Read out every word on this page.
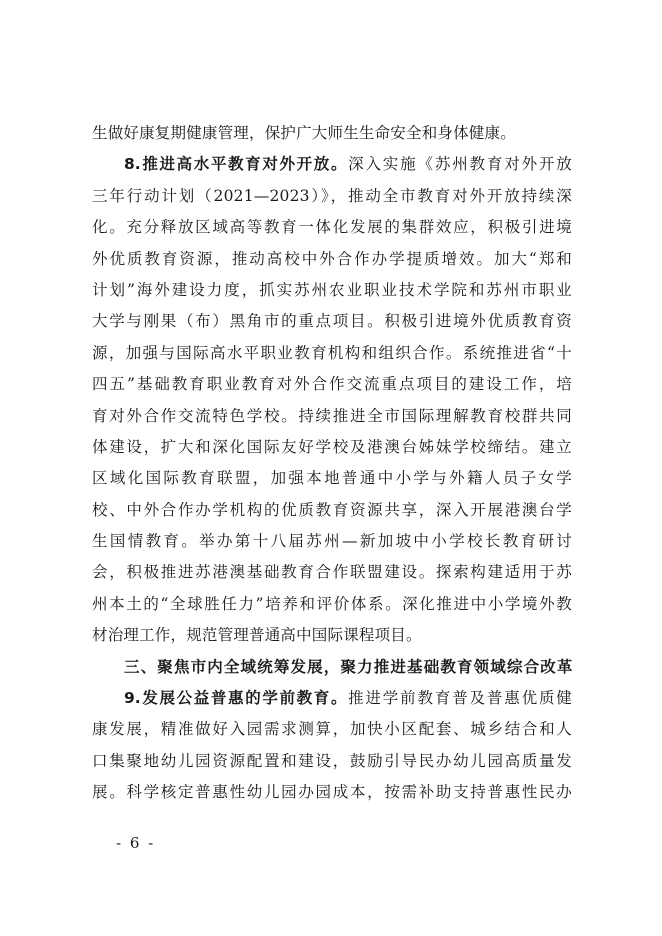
生做好康复期健康管理，保护广大师生生命安全和身体健康。
8.推进高水平教育对外开放。深入实施《苏州教育对外开放
三年行动计划（2021—2023）》，推动全市教育对外开放持续深
化。充分释放区域高等教育一体化发展的集群效应，积极引进境
外优质教育资源，推动高校中外合作办学提质增效。加大“郑和
计划”海外建设力度，抓实苏州农业职业技术学院和苏州市职业
大学与刚果（布）黑角市的重点项目。积极引进境外优质教育资
源，加强与国际高水平职业教育机构和组织合作。系统推进省“十
四五”基础教育职业教育对外合作交流重点项目的建设工作，培
育对外合作交流特色学校。持续推进全市国际理解教育校群共同
体建设，扩大和深化国际友好学校及港澳台姊妹学校缔结。建立
区域化国际教育联盟，加强本地普通中小学与外籍人员子女学
校、中外合作办学机构的优质教育资源共享，深入开展港澳台学
生国情教育。举办第十八届苏州—新加坡中小学校长教育研讨
会，积极推进苏港澳基础教育合作联盟建设。探索构建适用于苏
州本土的“全球胜任力”培养和评价体系。深化推进中小学境外教
材治理工作，规范管理普通高中国际课程项目。
三、聚焦市内全域统筹发展，聚力推进基础教育领域综合改革
9.发展公益普惠的学前教育。推进学前教育普及普惠优质健
康发展，精准做好入园需求测算，加快小区配套、城乡结合和人
口集聚地幼儿园资源配置和建设，鼓励引导民办幼儿园高质量发
展。科学核定普惠性幼儿园办园成本，按需补助支持普惠性民办
- 6 -
